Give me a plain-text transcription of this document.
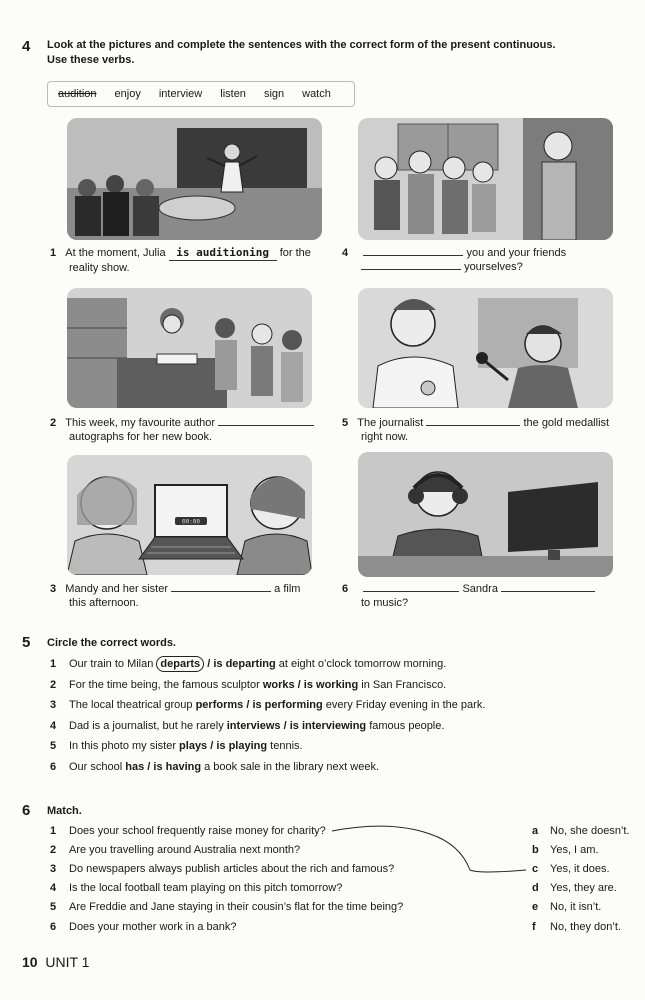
4 Look at the pictures and complete the sentences with the correct form of the present continuous.
Use these verbs.
audition enjoy interview listen sign watch
1 At the moment, Julia is auditioning for the
reality show.
4	you and your friends
yourselves?
2 This week, my favourite author
autographs for her new book.
5 The journalist	the gold medallist
right now.
00:00
3 Mandy and her sister	a film
this afternoon.
6	Sandra
to music?
5 Circle the correct words.
1	Our train to Milan departs / is departing at eight o’clock tomorrow morning.
2	For the time being, the famous sculptor works / is working in San Francisco.
3	The local theatrical group performs / is performing every Friday evening in the park.
4	Dad is a journalist, but he rarely interviews / is interviewing famous people.
5	In this photo my sister plays / is playing tennis.
6	Our school has / is having a book sale in the library next week.
6 Match.
1	Does your school frequently raise money for charity?
2	Are you travelling around Australia next month?
3	Do newspapers always publish articles about the rich and famous?
4	Is the local football team playing on this pitch tomorrow?
5	Are Freddie and Jane staying in their cousin’s flat for the time being?
6	Does your mother work in a bank?
a	No, she doesn’t.
b	Yes, I am.
c	Yes, it does.
d	Yes, they are.
e	No, it isn’t.
f	No, they don’t.
10 UNIT 1
